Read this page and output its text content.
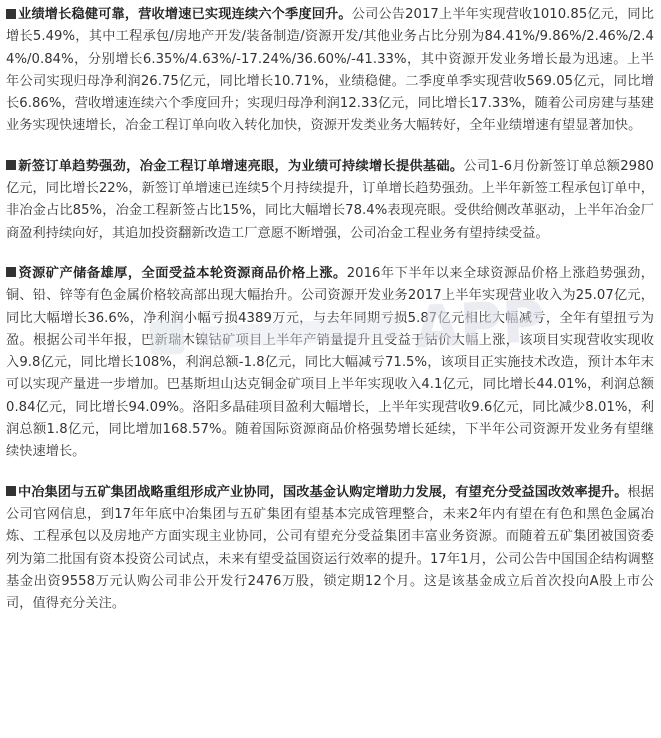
业绩增长稳健可靠，营收增速已实现连续六个季度回升。公司公告2017上半年实现营收1010.85亿元，同比增长5.49%，其中工程承包/房地产开发/装备制造/资源开发/其他业务占比分别为84.41%/9.86%/2.46%/2.44%/0.84%，分别增长6.35%/4.63%/-17.24%/36.60%/-41.33%，其中资源开发业务增长最为迅速。上半年公司实现归母净利润26.75亿元，同比增长10.71%，业绩稳健。二季度单季实现营收569.05亿元，同比增长6.86%，营收增速连续六个季度回升；实现归母净利润12.33亿元，同比增长17.33%，随着公司房建与基建业务实现快速增长，冶金工程订单向收入转化加快，资源开发类业务大幅转好，全年业绩增速有望显著加快。

新签订单趋势强劲，冶金工程订单增速亮眼，为业绩可持续增长提供基础。公司1-6月份新签订单总额2980亿元，同比增长22%，新签订单增速已连续5个月持续提升，订单增长趋势强劲。上半年新签工程承包订单中，非冶金占比85%，冶金工程新签占比15%，同比大幅增长78.4%表现亮眼。受供给侧改革驱动，上半年冶金厂商盈利持续向好，其追加投资翻新改造工厂意愿不断增强，公司冶金工程业务有望持续受益。

资源矿产储备雄厚，全面受益本轮资源商品价格上涨。2016年下半年以来全球资源品价格上涨趋势强劲，铜、铅、锌等有色金属价格较高部出现大幅抬升。公司资源开发业务2017上半年实现营业收入为25.07亿元，同比大幅增长36.6%，净利润小幅亏损4389万元，与去年同期亏损5.87亿元相比大幅减亏，全年有望扭亏为盈。根据公司半年报，巴新瑞木镍钴矿项目上半年产销量提升且受益于钴价大幅上涨，该项目实现营收实现收入9.8亿元，同比增长108%，利润总额-1.8亿元，同比大幅减亏71.5%，该项目正实施技术改造，预计本年末可以实现产量进一步增加。巴基斯坦山达克铜金矿项目上半年实现收入4.1亿元，同比增长44.01%，利润总额0.84亿元，同比增长94.09%。洛阳多晶硅项目盈利大幅增长，上半年实现营收9.6亿元，同比减少8.01%，利润总额1.8亿元，同比增加168.57%。随着国际资源商品价格强势增长延续，下半年公司资源开发业务有望继续快速增长。

中冶集团与五矿集团战略重组形成产业协同，国改基金认购定增助力发展，有望充分受益国改效率提升。根据公司官网信息，到17年年底中冶集团与五矿集团有望基本完成管理整合，未来2年内有望在有色和黑色金属冶炼、工程承包以及房地产方面实现主业协同，公司有望充分受益集团丰富业务资源。而随着五矿集团被国资委列为第二批国有资本投资公司试点，未来有望受益国资运行效率的提升。17年1月，公司公告中国国企结构调整基金出资9558万元认购公司非公开发行2476万股，锁定期12个月。这是该基金成立后首次投向A股上市公司，值得充分关注。

APP
